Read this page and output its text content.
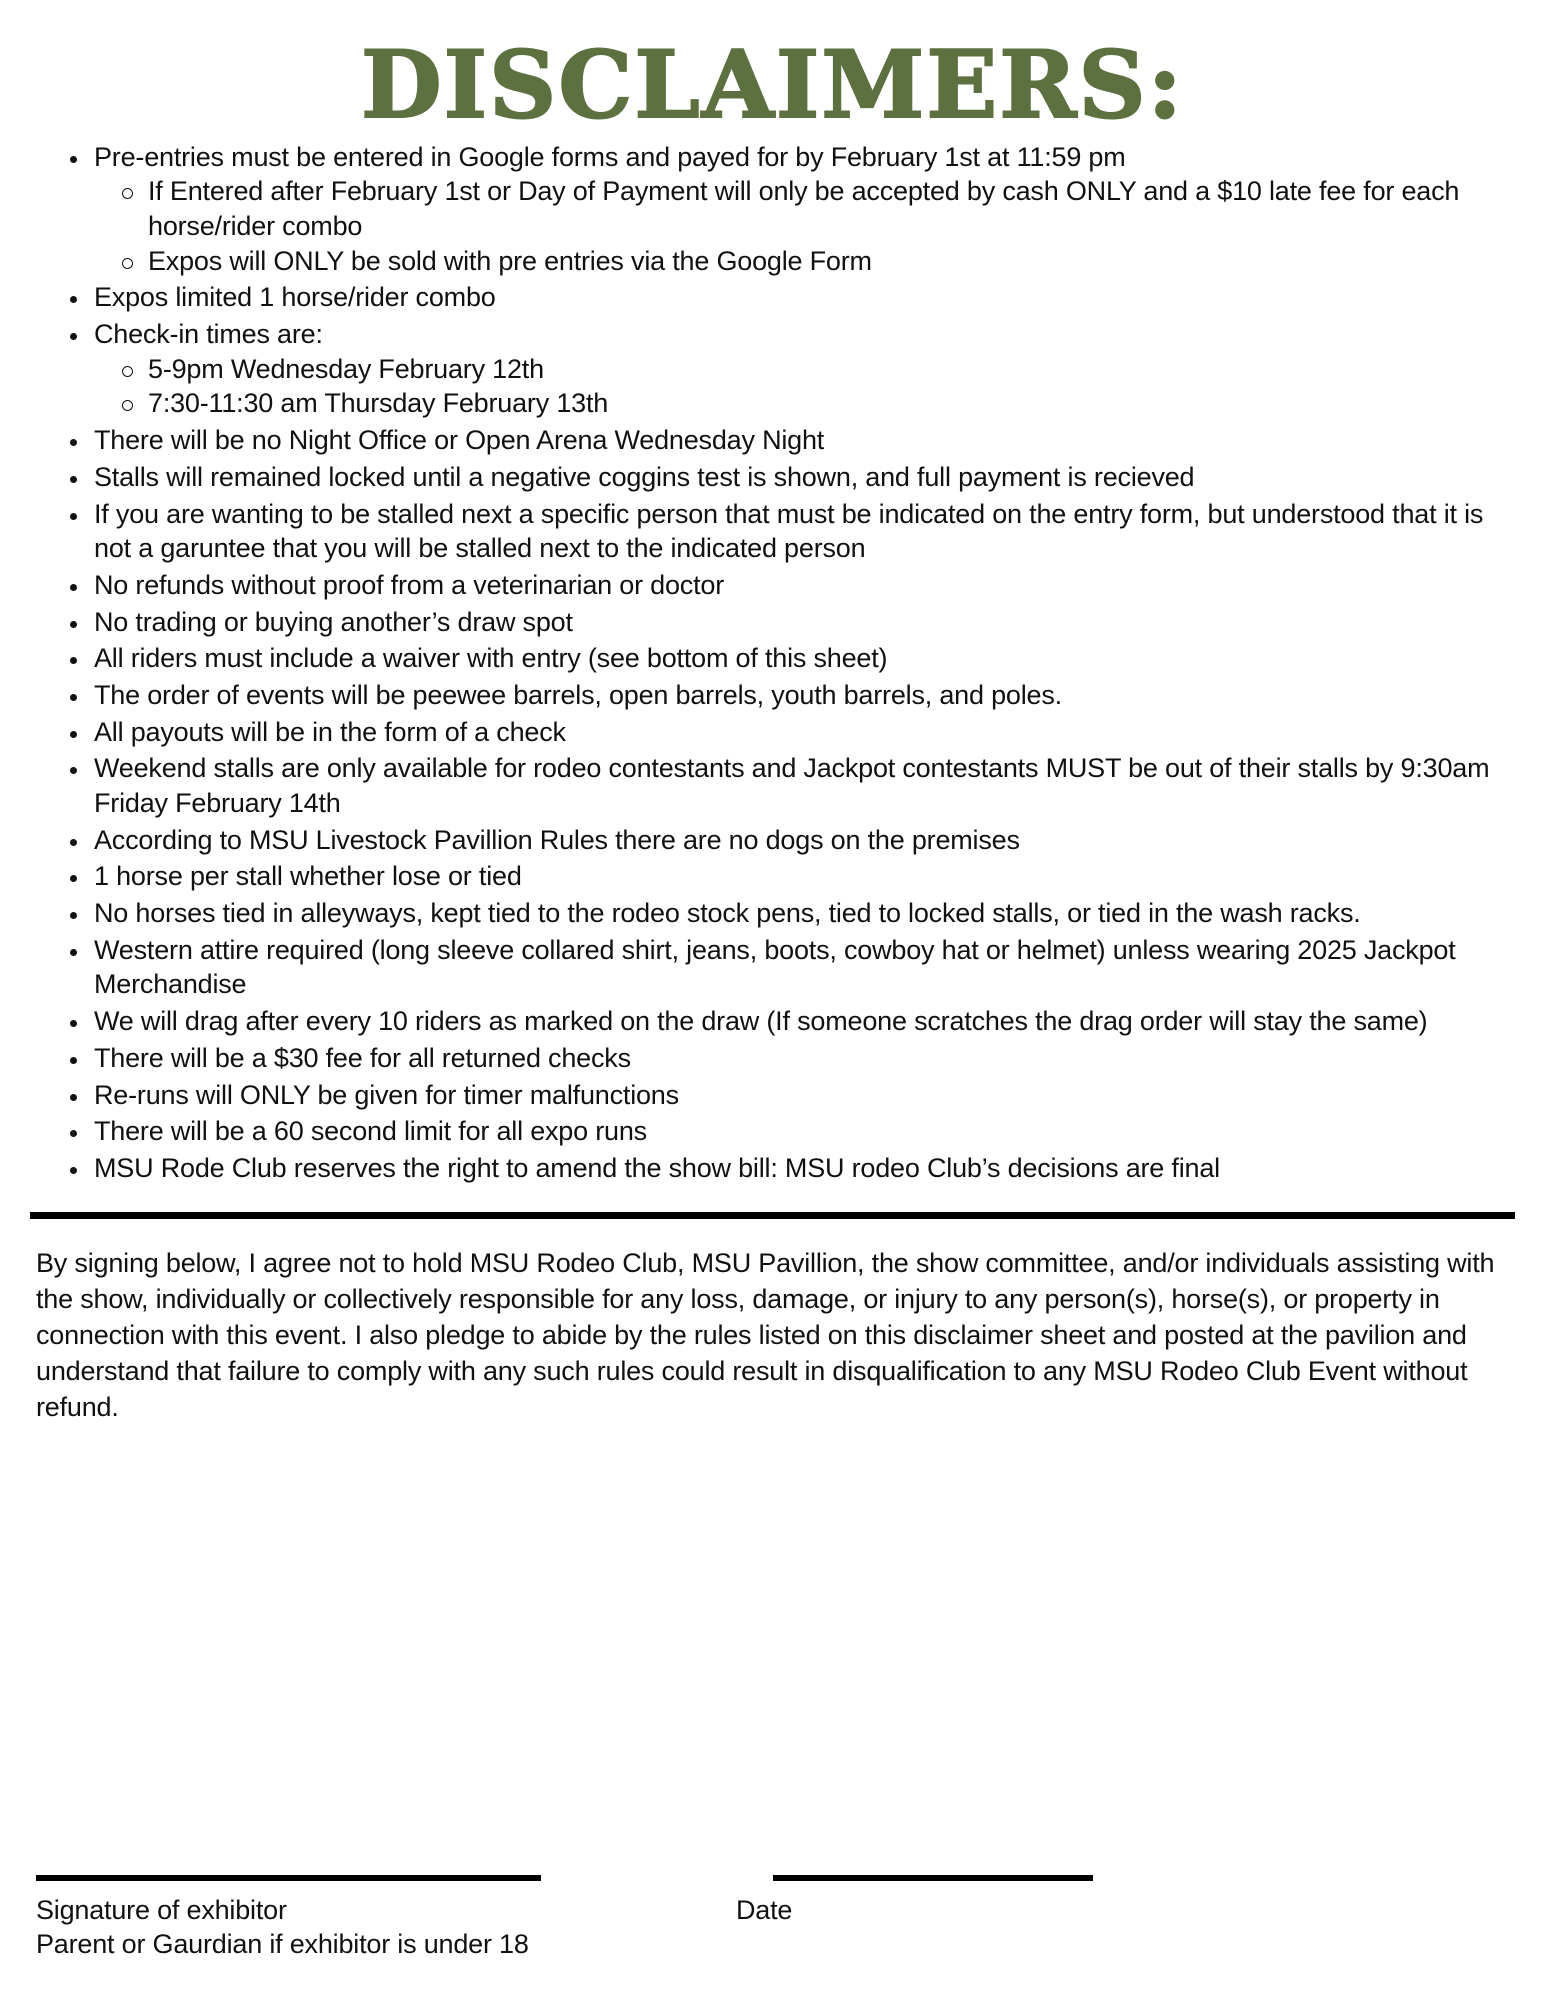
DISCLAIMERS:
Pre-entries must be entered in Google forms and payed for by February 1st at 11:59 pm
If Entered after February 1st or Day of Payment will only be accepted by cash ONLY and a $10 late fee for each horse/rider combo
Expos will ONLY be sold with pre entries via the Google Form
Expos limited 1 horse/rider combo
Check-in times are:
5-9pm Wednesday February 12th
7:30-11:30 am Thursday February 13th
There will be no Night Office or Open Arena Wednesday Night
Stalls will remained locked until a negative coggins test is shown, and full payment is recieved
If you are wanting to be stalled next a specific person that must be indicated on the entry form, but understood that it is not a garuntee that you will be stalled next to the indicated person
No refunds without proof from a veterinarian or doctor
No trading or buying another’s draw spot
All riders must include a waiver with entry (see bottom of this sheet)
The order of events will be peewee barrels, open barrels, youth barrels, and poles.
All payouts will be in the form of a check
Weekend stalls are only available for rodeo contestants and Jackpot contestants MUST be out of their stalls by 9:30am Friday February 14th
According to MSU Livestock Pavillion Rules there are no dogs on the premises
1 horse per stall whether lose or tied
No horses tied in alleyways, kept tied to the rodeo stock pens, tied to locked stalls, or tied in the wash racks.
Western attire required (long sleeve collared shirt, jeans, boots, cowboy hat or helmet) unless wearing 2025 Jackpot Merchandise
We will drag after every 10 riders as marked on the draw (If someone scratches the drag order will stay the same)
There will be a $30 fee for all returned checks
Re-runs will ONLY be given for timer malfunctions
There will be a 60 second limit for all expo runs
MSU Rode Club reserves the right to amend the show bill: MSU rodeo Club’s decisions are final

By signing below, I agree not to hold MSU Rodeo Club, MSU Pavillion, the show committee, and/or individuals assisting with the show, individually or collectively responsible for any loss, damage, or injury to any person(s), horse(s), or property in connection with this event. I also pledge to abide by the rules listed on this disclaimer sheet and posted at the pavilion and understand that failure to comply with any such rules could result in disqualification to any MSU Rodeo Club Event without refund.

Signature of exhibitor
Parent or Gaurdian if exhibitor is under 18
Date
